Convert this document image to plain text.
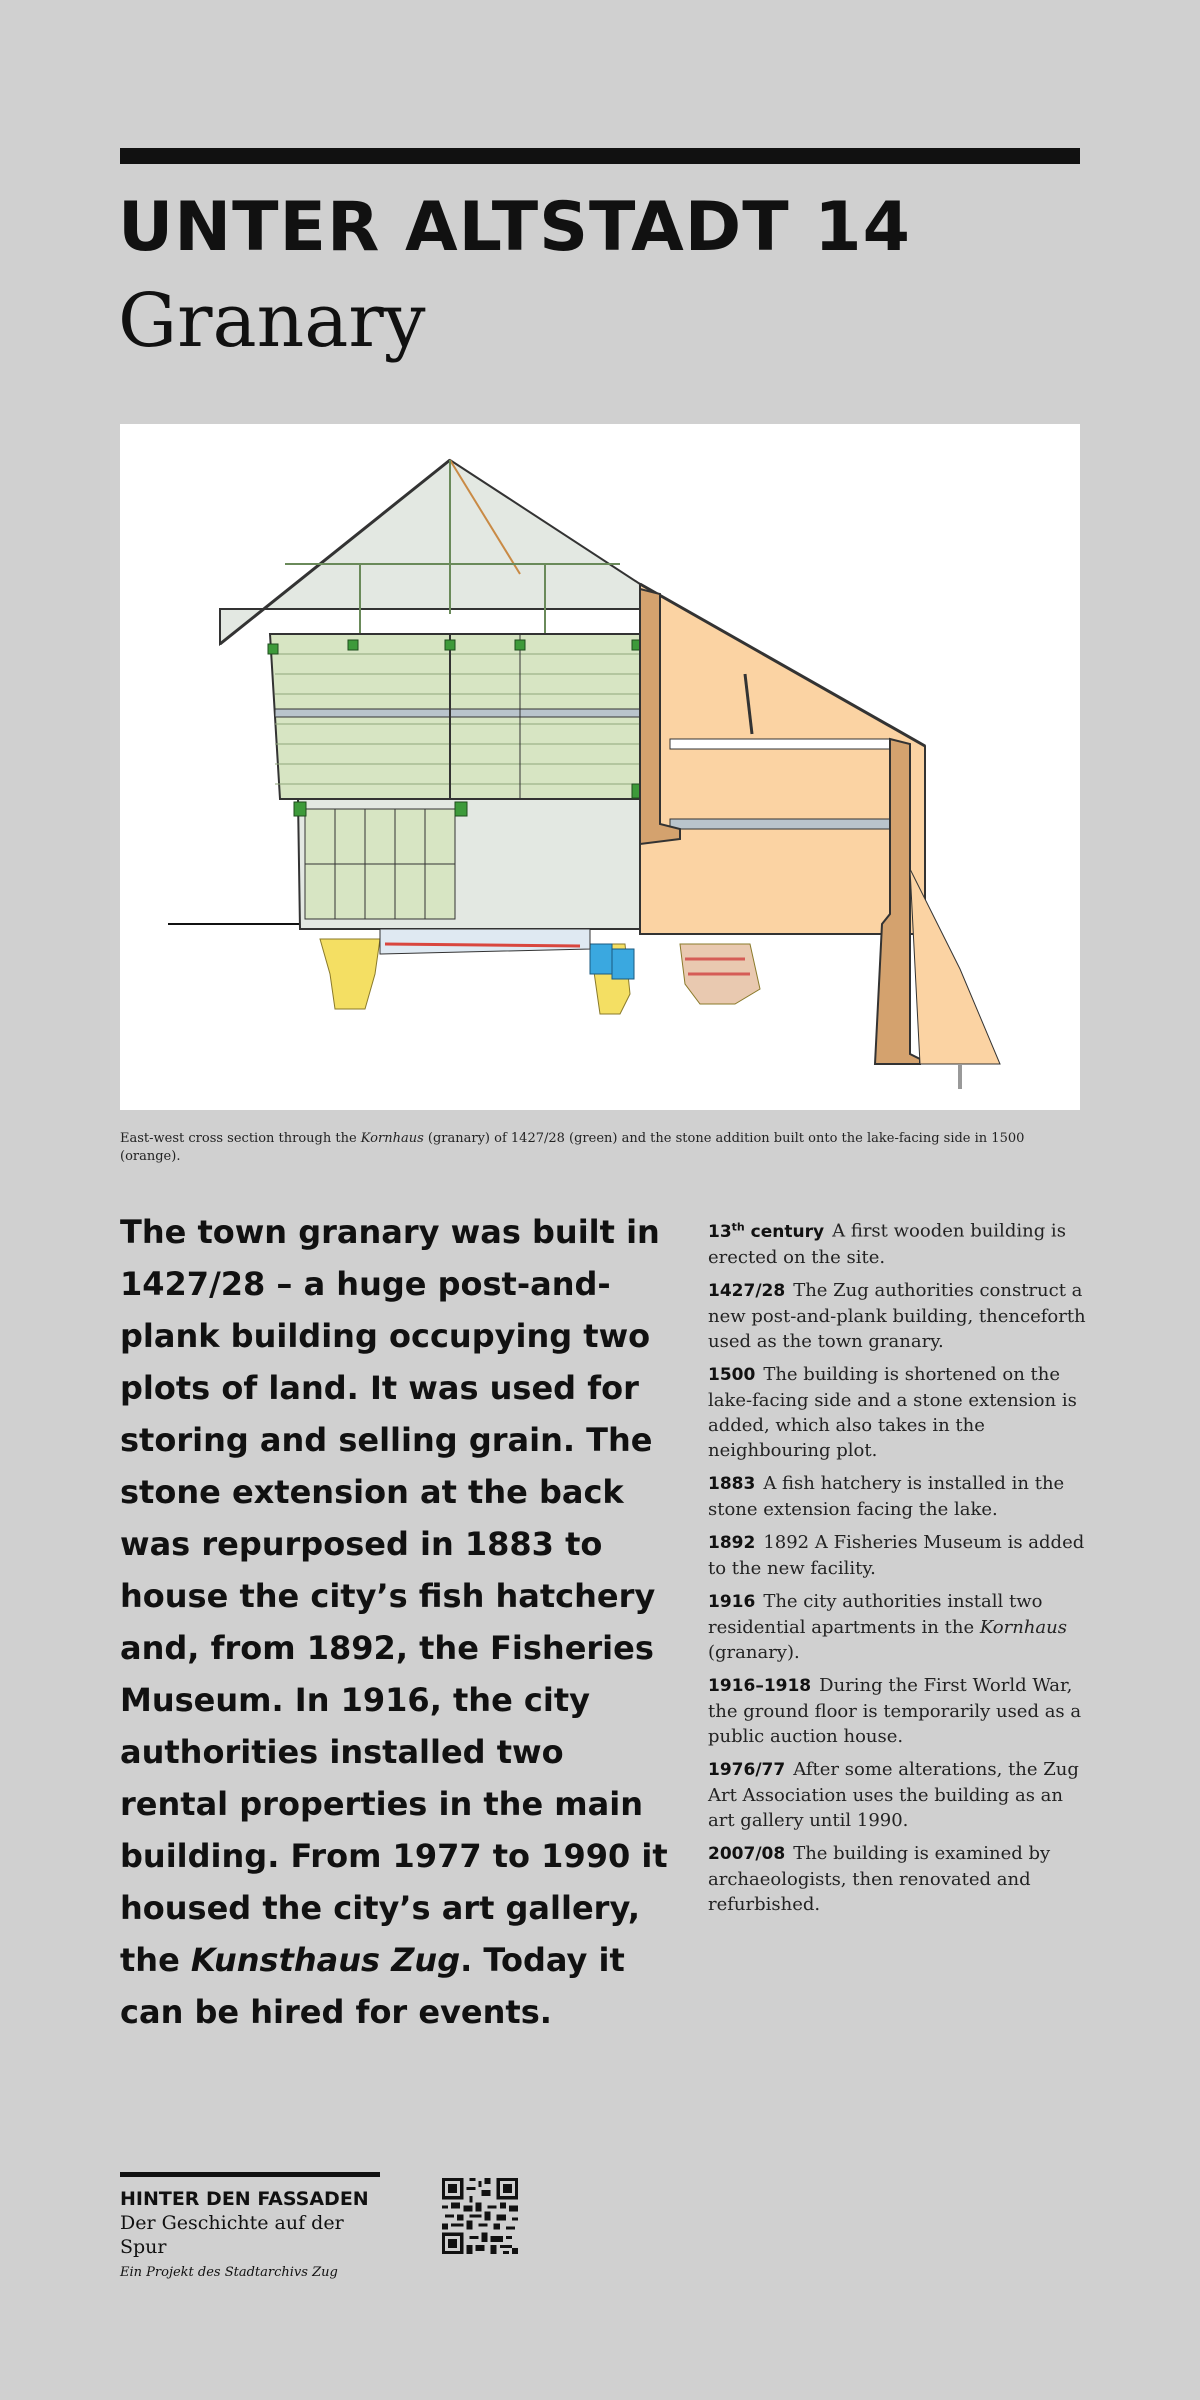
UNTER ALTSTADT 14
Granary
East-west cross section through the Kornhaus (granary) of 1427/28 (green) and the stone addition built onto the lake-facing side in 1500 (orange).
The town granary was built in 1427/28 – a huge post-and-plank building occupying two plots of land. It was used for storing and selling grain. The stone extension at the back was repurposed in 1883 to house the city’s fish hatchery and, from 1892, the Fisheries Museum. In 1916, the city authorities installed two rental properties in the main building. From 1977 to 1990 it housed the city’s art gallery, the Kunsthaus Zug. Today it can be hired for events.
13th century A first wooden building is erected on the site.
1427/28 The Zug authorities construct a new post-and-plank building, thenceforth used as the town granary.
1500 The building is shortened on the lake-facing side and a stone extension is added, which also takes in the neighbouring plot.
1883 A fish hatchery is installed in the stone extension facing the lake.
1892 1892 A Fisheries Museum is added to the new facility.
1916 The city authorities install two residential apartments in the Kornhaus (granary).
1916–1918 During the First World War, the ground floor is temporarily used as a public auction house.
1976/77 After some alterations, the Zug Art Association uses the building as an art gallery until 1990.
2007/08 The building is examined by archaeologists, then renovated and refurbished.
HINTER DEN FASSADEN
Der Geschichte auf der Spur
Ein Projekt des Stadtarchivs Zug
